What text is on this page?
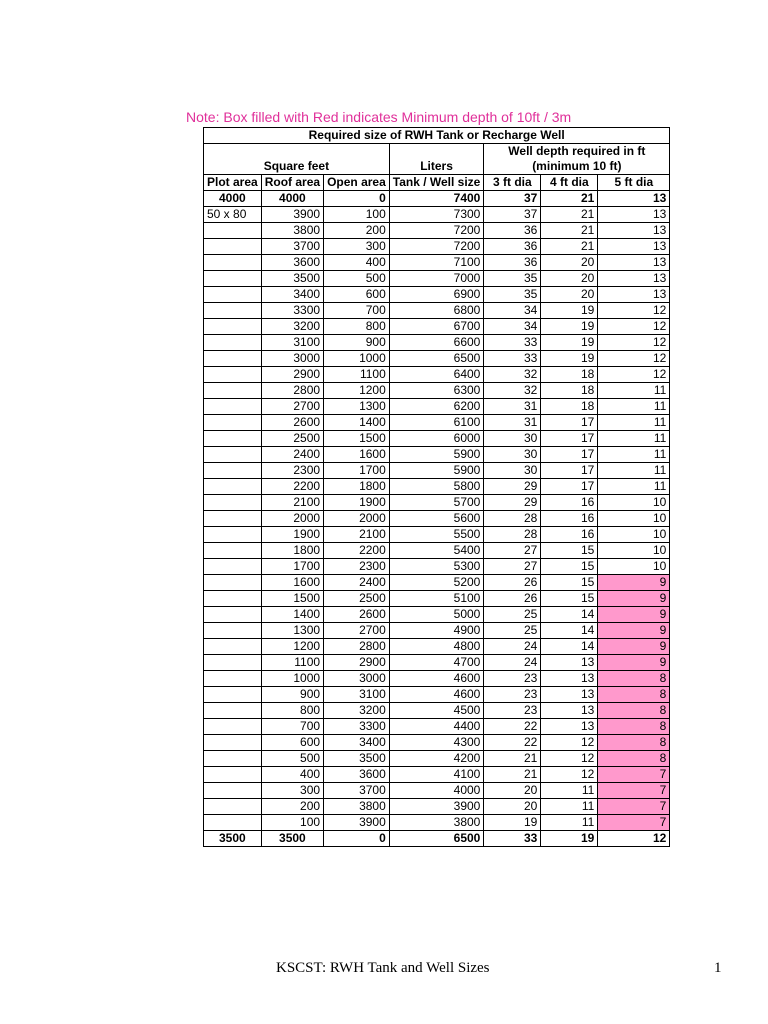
Note: Box filled with Red indicates Minimum depth of 10ft / 3m
Required size of RWH Tank or Recharge Well						
Square feet			Liters	Well depth required in ft (minimum 10 ft)		
Plot area	Roof area	Open area	Tank / Well size	3 ft dia	4 ft dia	5 ft dia
4000	4000	0	7400	37	21	13
50 x 80	3900	100	7300	37	21	13
	3800	200	7200	36	21	13
	3700	300	7200	36	21	13
	3600	400	7100	36	20	13
	3500	500	7000	35	20	13
	3400	600	6900	35	20	13
	3300	700	6800	34	19	12
	3200	800	6700	34	19	12
	3100	900	6600	33	19	12
	3000	1000	6500	33	19	12
	2900	1100	6400	32	18	12
	2800	1200	6300	32	18	11
	2700	1300	6200	31	18	11
	2600	1400	6100	31	17	11
	2500	1500	6000	30	17	11
	2400	1600	5900	30	17	11
	2300	1700	5900	30	17	11
	2200	1800	5800	29	17	11
	2100	1900	5700	29	16	10
	2000	2000	5600	28	16	10
	1900	2100	5500	28	16	10
	1800	2200	5400	27	15	10
	1700	2300	5300	27	15	10
	1600	2400	5200	26	15	9
	1500	2500	5100	26	15	9
	1400	2600	5000	25	14	9
	1300	2700	4900	25	14	9
	1200	2800	4800	24	14	9
	1100	2900	4700	24	13	9
	1000	3000	4600	23	13	8
	900	3100	4600	23	13	8
	800	3200	4500	23	13	8
	700	3300	4400	22	13	8
	600	3400	4300	22	12	8
	500	3500	4200	21	12	8
	400	3600	4100	21	12	7
	300	3700	4000	20	11	7
	200	3800	3900	20	11	7
	100	3900	3800	19	11	7
3500	3500	0	6500	33	19	12
KSCST: RWH Tank and Well Sizes	1
